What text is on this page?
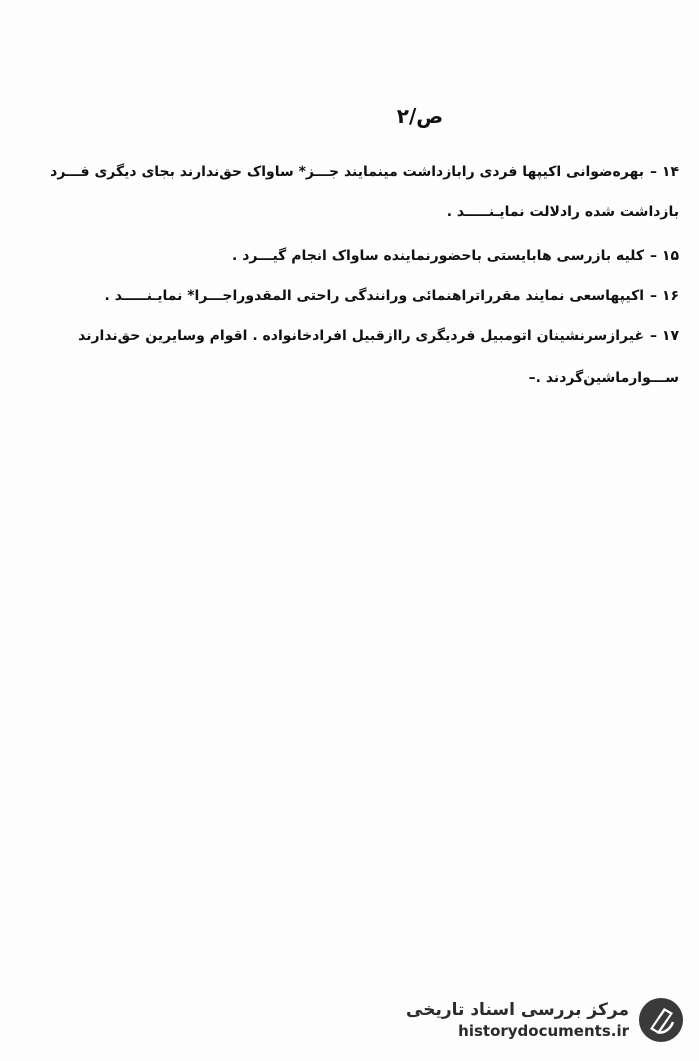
ص/۲
۱۴ –بهره‌ضوانی اکیپها فردی رابازداشت مینمایند جـــز* ساواک حق‌ندارند بجای دیگری فـــرد
بازداشت شده رادلالت نمایـنـــــد .
۱۵ –کلیه بازرسی هابایستی باحضورنماینده ساواک انجام گیـــرد .
۱۶ –اکیپهاسعی نمایند مقرراتراهنمائی ورانندگی راحتی المقدوراجـــرا* نمایـنـــــد .
۱۷ –غیرازسرنشینان اتومبیل فردیگری راازقبیل افرادخانواده . اقوام وسایرین حق‌ندارند
ســـوارماشین‌گردند .–
مرکز بررسی اسناد تاریخی
historydocuments.ir
